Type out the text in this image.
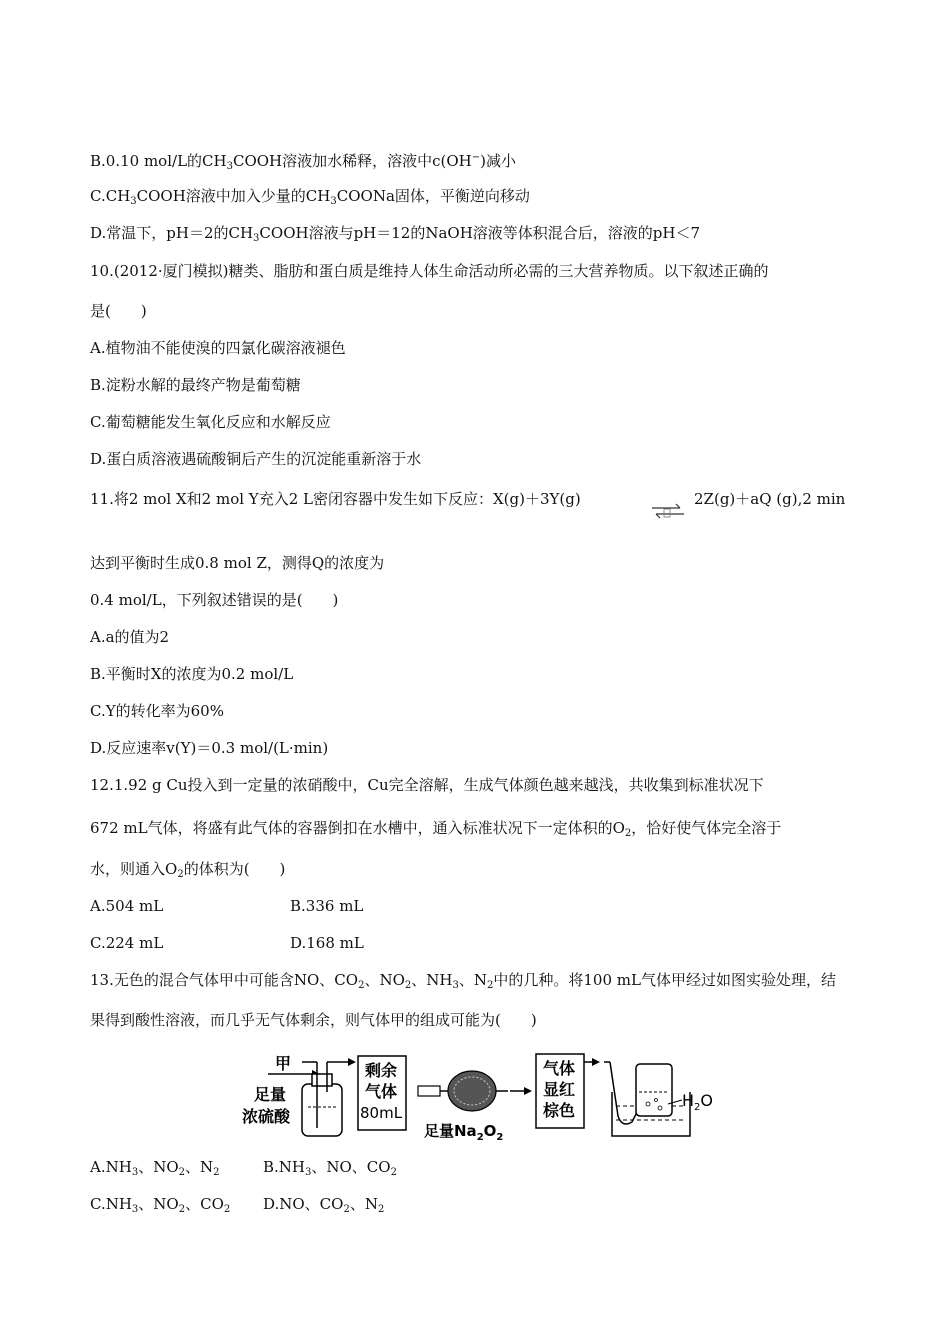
B.0.10 mol/L的$CH_3COOH$溶液加水稀释，溶液中c(OH−)减小
$C.CH_3COOH$溶液中加入少量的$CH_3COONa$固体，平衡逆向移动
D.常温下，pH＝2的$CH_3COOH$溶液与pH＝12的NaOH溶液等体积混合后，溶液的pH＜7
10.(2012·厦门模拟)糖类、脂肪和蛋白质是维持人体生命活动所必需的三大营养物质。以下叙述正确的
是(　　)
A.植物油不能使溴的四氯化碳溶液褪色
B.淀粉水解的最终产物是葡萄糖
C.葡萄糖能发生氧化反应和水解反应
D.蛋白质溶液遇硫酸铜后产生的沉淀能重新溶于水
11.将2 mol X和2 mol Y充入2 L密闭容器中发生如下反应：X(g)＋3Y(g)	2Z(g)＋aQ (g),2 min
达到平衡时生成0.8 mol Z，测得Q的浓度为
0.4 mol/L，下列叙述错误的是(　　)
A.a的值为2
B.平衡时X的浓度为0.2 mol/L
C.Y的转化率为60%
D.反应速率v(Y)＝0.3 mol/(L·min)
12.1.92 g Cu投入到一定量的浓硝酸中，Cu完全溶解，生成气体颜色越来越浅，共收集到标准状况下
672 mL气体，将盛有此气体的容器倒扣在水槽中，通入标准状况下一定体积的$O_2$，恰好使气体完全溶于
水，则通入$O_2$的体积为(　　)
A.504 mL	B.336 mL
C.224 mL	D.168 mL
13.无色的混合气体甲中可能含NO、$CO_2$、$NO_2$、$NH_3$、$N_2$中的几种。将100 mL气体甲经过如图实验处理，结
果得到酸性溶液，而几乎无气体剩余，则气体甲的组成可能为(　　)
甲
足量
浓硫酸
剩余
气体
80mL
足量$Na_2O_2$
气体
显红
棕色
$H_2O$
$A.NH_3$、$NO_2$、$N_2$	$B.NH_3$、NO、$CO_2$
$C.NH_3$、$NO_2$、$CO_2$ D.NO、$CO_2$、$N_2$
